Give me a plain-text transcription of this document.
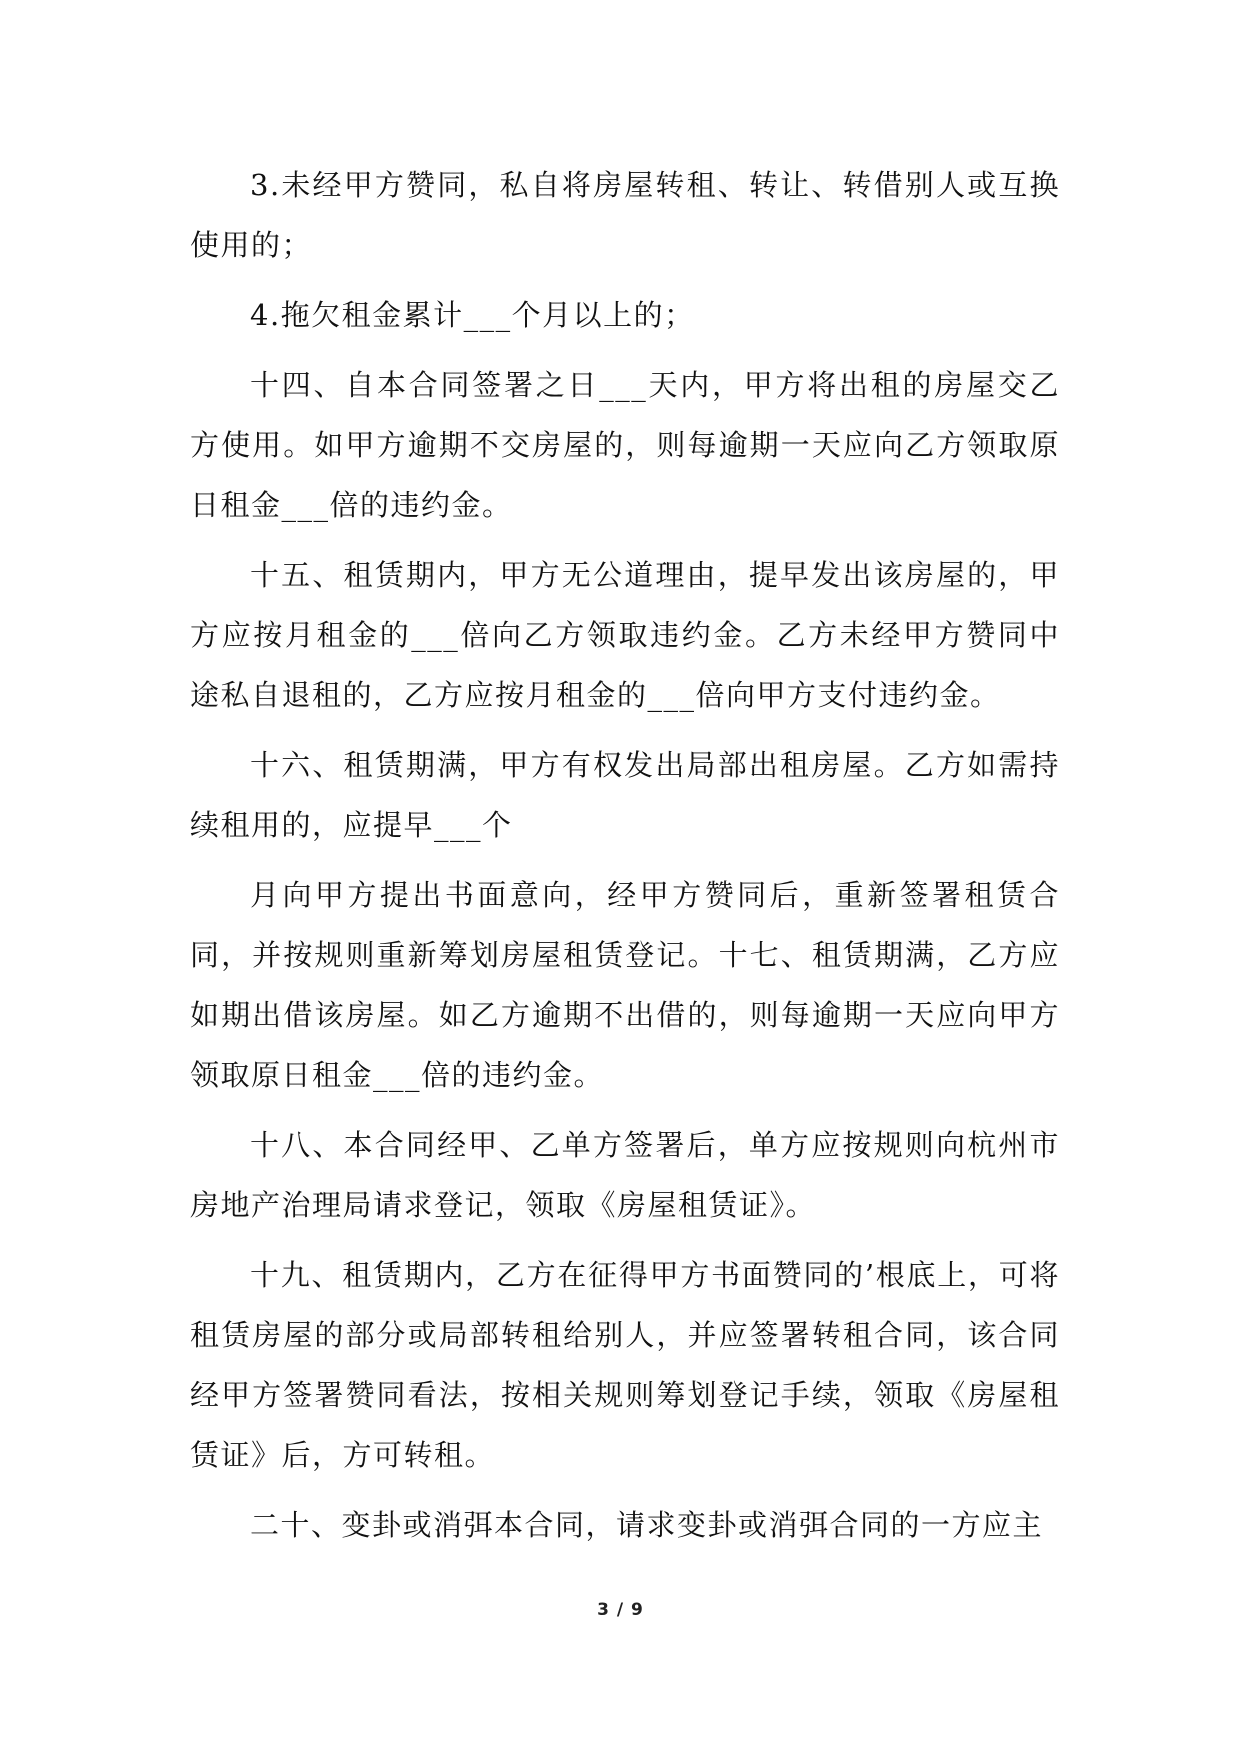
3.未经甲方赞同，私自将房屋转租、转让、转借别人或互换使用的；

4.拖欠租金累计___个月以上的；

十四、自本合同签署之日___天内，甲方将出租的房屋交乙方使用。如甲方逾期不交房屋的，则每逾期一天应向乙方领取原日租金___倍的违约金。

十五、租赁期内，甲方无公道理由，提早发出该房屋的，甲方应按月租金的___倍向乙方领取违约金。乙方未经甲方赞同中途私自退租的，乙方应按月租金的___倍向甲方支付违约金。

十六、租赁期满，甲方有权发出局部出租房屋。乙方如需持续租用的，应提早___个

月向甲方提出书面意向，经甲方赞同后，重新签署租赁合同，并按规则重新筹划房屋租赁登记。十七、租赁期满，乙方应如期出借该房屋。如乙方逾期不出借的，则每逾期一天应向甲方领取原日租金___倍的违约金。

十八、本合同经甲、乙单方签署后，单方应按规则向杭州市房地产治理局请求登记，领取《房屋租赁证》。

十九、租赁期内，乙方在征得甲方书面赞同的’根底上，可将租赁房屋的部分或局部转租给别人，并应签署转租合同，该合同经甲方签署赞同看法，按相关规则筹划登记手续，领取《房屋租赁证》后，方可转租。

二十、变卦或消弭本合同，请求变卦或消弭合同的一方应主

3 / 9
